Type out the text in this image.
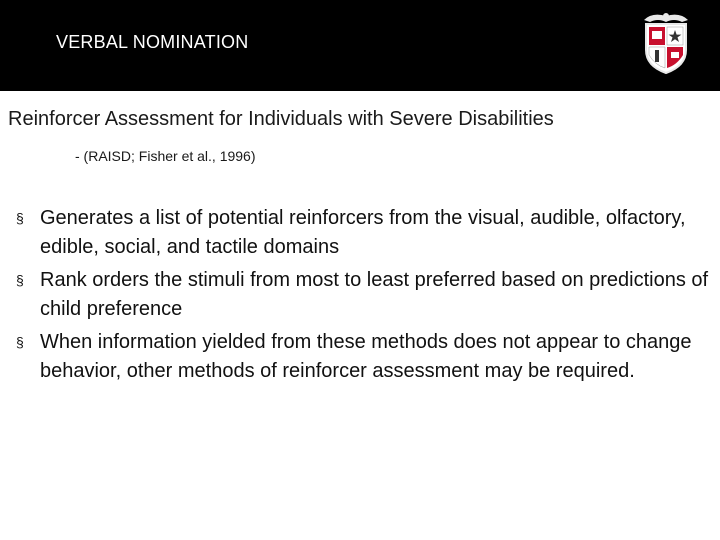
VERBAL NOMINATION
Reinforcer Assessment for Individuals with Severe Disabilities
- (RAISD; Fisher et al., 1996)
§ Generates a list of potential reinforcers from the visual, audible, olfactory, edible, social, and tactile domains
§ Rank orders the stimuli from most to least preferred based on predictions of child preference
§ When information yielded from these methods does not appear to change behavior, other methods of reinforcer assessment may be required.
